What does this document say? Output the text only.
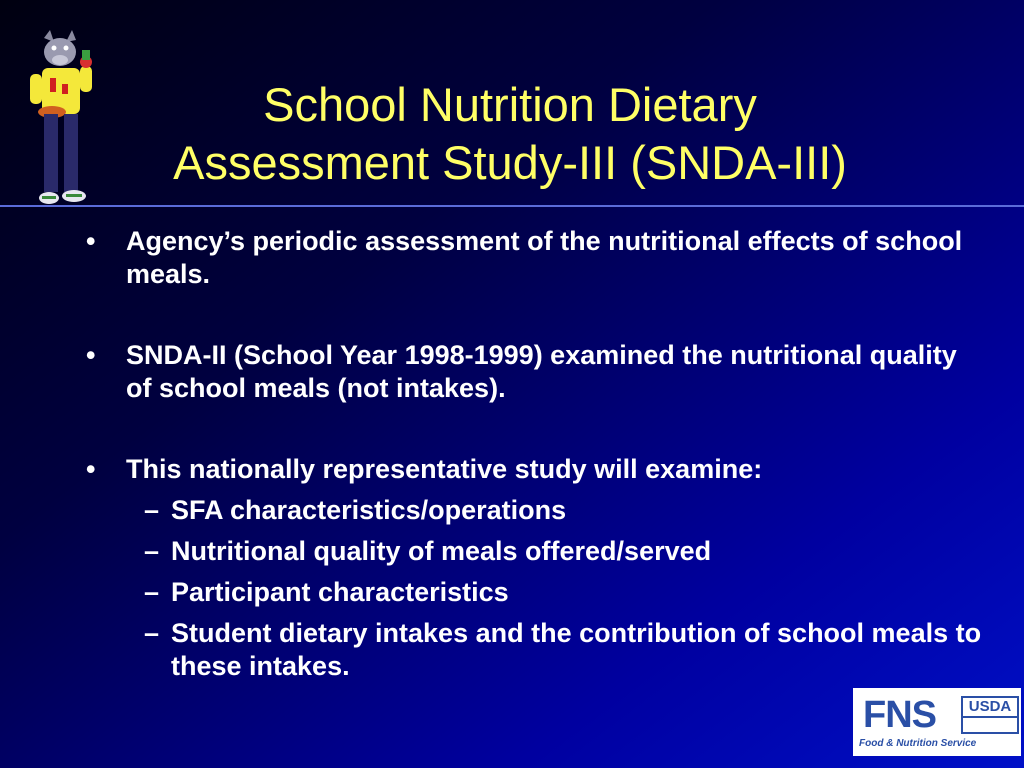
School Nutrition Dietary
Assessment Study-III (SNDA-III)
• Agency’s periodic assessment of the nutritional effects of school meals.
• SNDA-II (School Year 1998-1999) examined the nutritional quality of school meals (not intakes).
• This nationally representative study will examine:
– SFA characteristics/operations
– Nutritional quality of meals offered/served
– Participant characteristics
– Student dietary intakes and the contribution of school meals to these intakes.
FNS	USDA
Food & Nutrition Service
